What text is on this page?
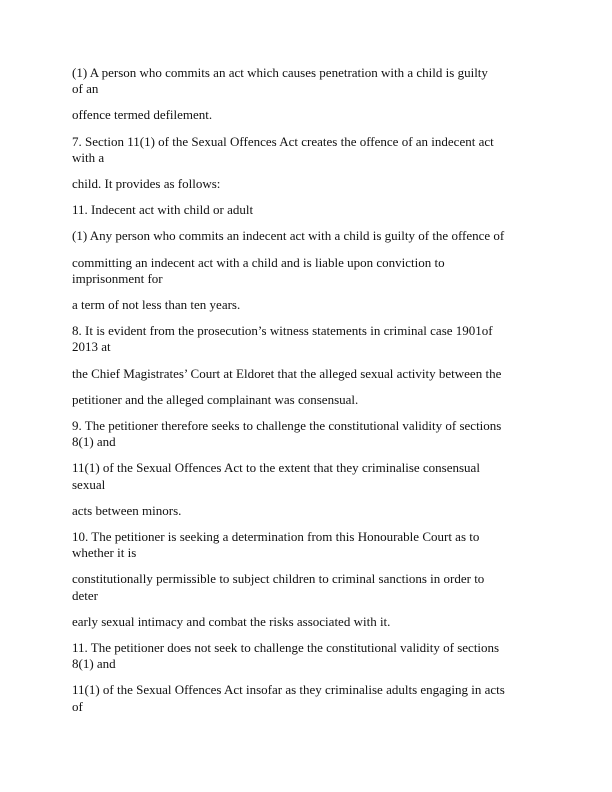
(1) A person who commits an act which causes penetration with a child is guilty
of an

offence termed defilement.

7. Section 11(1) of the Sexual Offences Act creates the offence of an indecent act
with a

child. It provides as follows:

11. Indecent act with child or adult

(1) Any person who commits an indecent act with a child is guilty of the offence of

committing an indecent act with a child and is liable upon conviction to
imprisonment for

a term of not less than ten years.

8. It is evident from the prosecution’s witness statements in criminal case 1901of
2013 at

the Chief Magistrates’ Court at Eldoret that the alleged sexual activity between the

petitioner and the alleged complainant was consensual.

9. The petitioner therefore seeks to challenge the constitutional validity of sections
8(1) and

11(1) of the Sexual Offences Act to the extent that they criminalise consensual
sexual

acts between minors.

10. The petitioner is seeking a determination from this Honourable Court as to
whether it is

constitutionally permissible to subject children to criminal sanctions in order to
deter

early sexual intimacy and combat the risks associated with it.

11. The petitioner does not seek to challenge the constitutional validity of sections
8(1) and

11(1) of the Sexual Offences Act insofar as they criminalise adults engaging in acts
of
